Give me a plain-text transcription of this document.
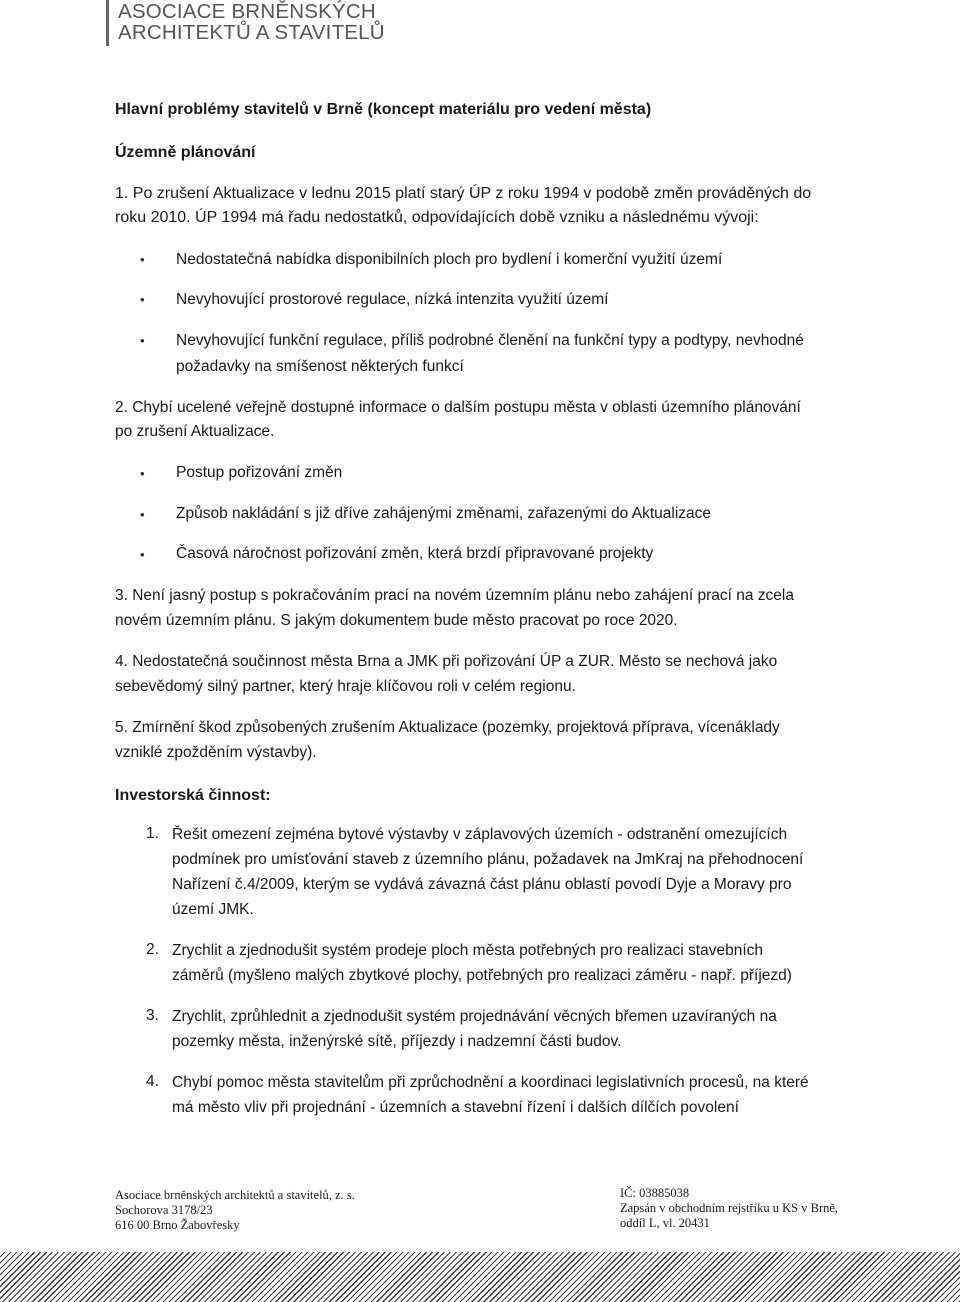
ASOCIACE BRNĚNSKÝCH
ARCHITEKTŮ A STAVITELŮ
Hlavní problémy stavitelů v Brně (koncept materiálu pro vedení města)
Územně plánování
1. Po zrušení Aktualizace v lednu 2015 platí starý ÚP z roku 1994 v podobě změn prováděných do
roku 2010. ÚP 1994 má řadu nedostatků, odpovídajících době vzniku a následnému vývoji:
• Nedostatečná nabídka disponibilních ploch pro bydlení i komerční využití území
• Nevyhovující prostorové regulace, nízká intenzita využití území
• Nevyhovující funkční regulace, příliš podrobné členění na funkční typy a podtypy, nevhodné
požadavky na smíšenost některých funkcí
2. Chybí ucelené veřejně dostupné informace o dalším postupu města v oblasti územního plánování
po zrušení Aktualizace.
• Postup pořizování změn
• Způsob nakládání s již dříve zahájenými změnami, zařazenými do Aktualizace
• Časová náročnost pořizování změn, která brzdí připravované projekty
3. Není jasný postup s pokračováním prací na novém územním plánu nebo zahájení prací na zcela
novém územním plánu. S jakým dokumentem bude město pracovat po roce 2020.
4. Nedostatečná součinnost města Brna a JMK při pořizování ÚP a ZUR. Město se nechová jako
sebevědomý silný partner, který hraje klíčovou roli v celém regionu.
5. Zmírnění škod způsobených zrušením Aktualizace (pozemky, projektová příprava, vícenáklady
vzniklé zpožděním výstavby).
Investorská činnost:
1. Řešit omezení zejména bytové výstavby v záplavových územích - odstranění omezujících
podmínek pro umísťování staveb z územního plánu, požadavek na JmKraj na přehodnocení
Nařízení č.4/2009, kterým se vydává závazná část plánu oblastí povodí Dyje a Moravy pro
území JMK.
2. Zrychlit a zjednodušit systém prodeje ploch města potřebných pro realizaci stavebních
záměrů (myšleno malých zbytkové plochy, potřebných pro realizaci záměru - např. příjezd)
3. Zrychlit, zprůhlednit a zjednodušit systém projednávání věcných břemen uzavíraných na
pozemky města, inženýrské sítě, příjezdy i nadzemní části budov.
4. Chybí pomoc města stavitelům při zprůchodnění a koordinaci legislativních procesů, na které
má město vliv při projednání - územních a stavební řízení i dalších dílčích povolení
Asociace brněnských architektů a stavitelů, z. s.
Sochorova 3178/23
616 00 Brno Žabovřesky
IČ: 03885038
Zapsán v obchodním rejstříku u KS v Brně,
oddíl L, vl. 20431
